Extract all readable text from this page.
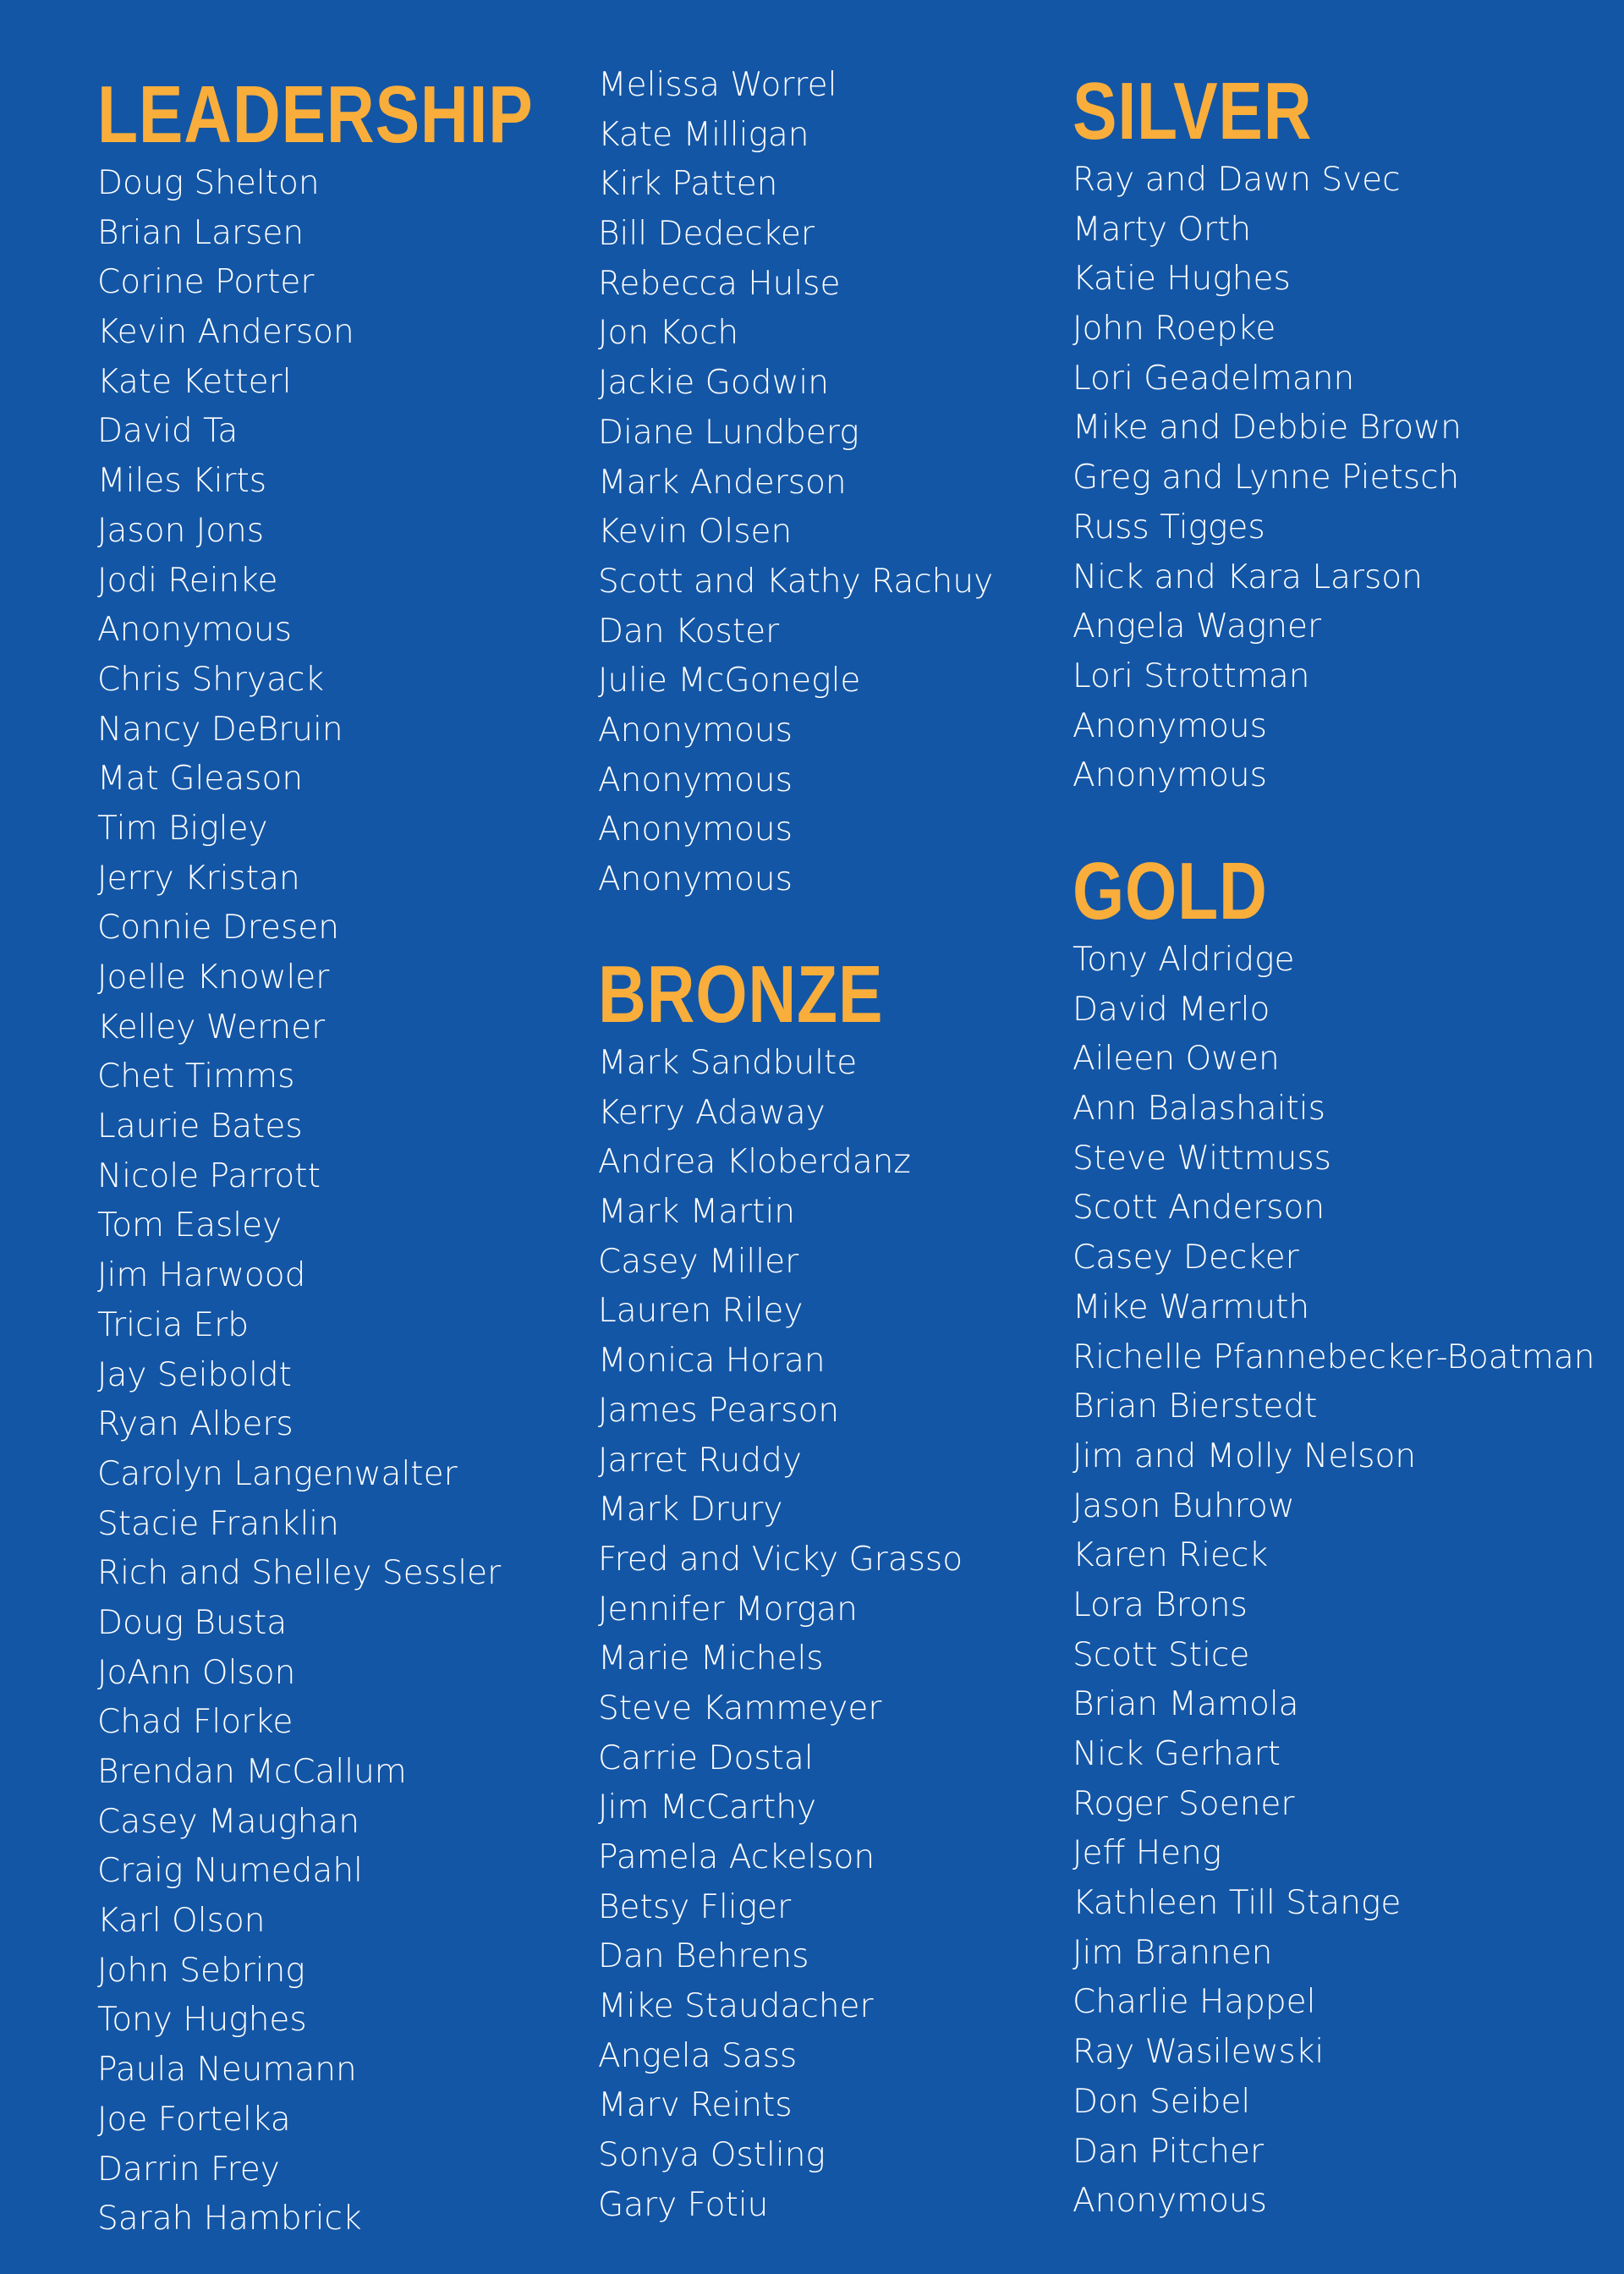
LEADERSHIP
Doug Shelton
Brian Larsen
Corine Porter
Kevin Anderson
Kate Ketterl
David Ta
Miles Kirts
Jason Jons
Jodi Reinke
Anonymous
Chris Shryack
Nancy DeBruin
Mat Gleason
Tim Bigley
Jerry Kristan
Connie Dresen
Joelle Knowler
Kelley Werner
Chet Timms
Laurie Bates
Nicole Parrott
Tom Easley
Jim Harwood
Tricia Erb
Jay Seiboldt
Ryan Albers
Carolyn Langenwalter
Stacie Franklin
Rich and Shelley Sessler
Doug Busta
JoAnn Olson
Chad Florke
Brendan McCallum
Casey Maughan
Craig Numedahl
Karl Olson
John Sebring
Tony Hughes
Paula Neumann
Joe Fortelka
Darrin Frey
Sarah Hambrick
Melissa Worrel
Kate Milligan
Kirk Patten
Bill Dedecker
Rebecca Hulse
Jon Koch
Jackie Godwin
Diane Lundberg
Mark Anderson
Kevin Olsen
Scott and Kathy Rachuy
Dan Koster
Julie McGonegle
Anonymous
Anonymous
Anonymous
Anonymous
BRONZE
Mark Sandbulte
Kerry Adaway
Andrea Kloberdanz
Mark Martin
Casey Miller
Lauren Riley
Monica Horan
James Pearson
Jarret Ruddy
Mark Drury
Fred and Vicky Grasso
Jennifer Morgan
Marie Michels
Steve Kammeyer
Carrie Dostal
Jim McCarthy
Pamela Ackelson
Betsy Fliger
Dan Behrens
Mike Staudacher
Angela Sass
Marv Reints
Sonya Ostling
Gary Fotiu
SILVER
Ray and Dawn Svec
Marty Orth
Katie Hughes
John Roepke
Lori Geadelmann
Mike and Debbie Brown
Greg and Lynne Pietsch
Russ Tigges
Nick and Kara Larson
Angela Wagner
Lori Strottman
Anonymous
Anonymous
GOLD
Tony Aldridge
David Merlo
Aileen Owen
Ann Balashaitis
Steve Wittmuss
Scott Anderson
Casey Decker
Mike Warmuth
Richelle Pfannebecker-Boatman
Brian Bierstedt
Jim and Molly Nelson
Jason Buhrow
Karen Rieck
Lora Brons
Scott Stice
Brian Mamola
Nick Gerhart
Roger Soener
Jeff Heng
Kathleen Till Stange
Jim Brannen
Charlie Happel
Ray Wasilewski
Don Seibel
Dan Pitcher
Anonymous
